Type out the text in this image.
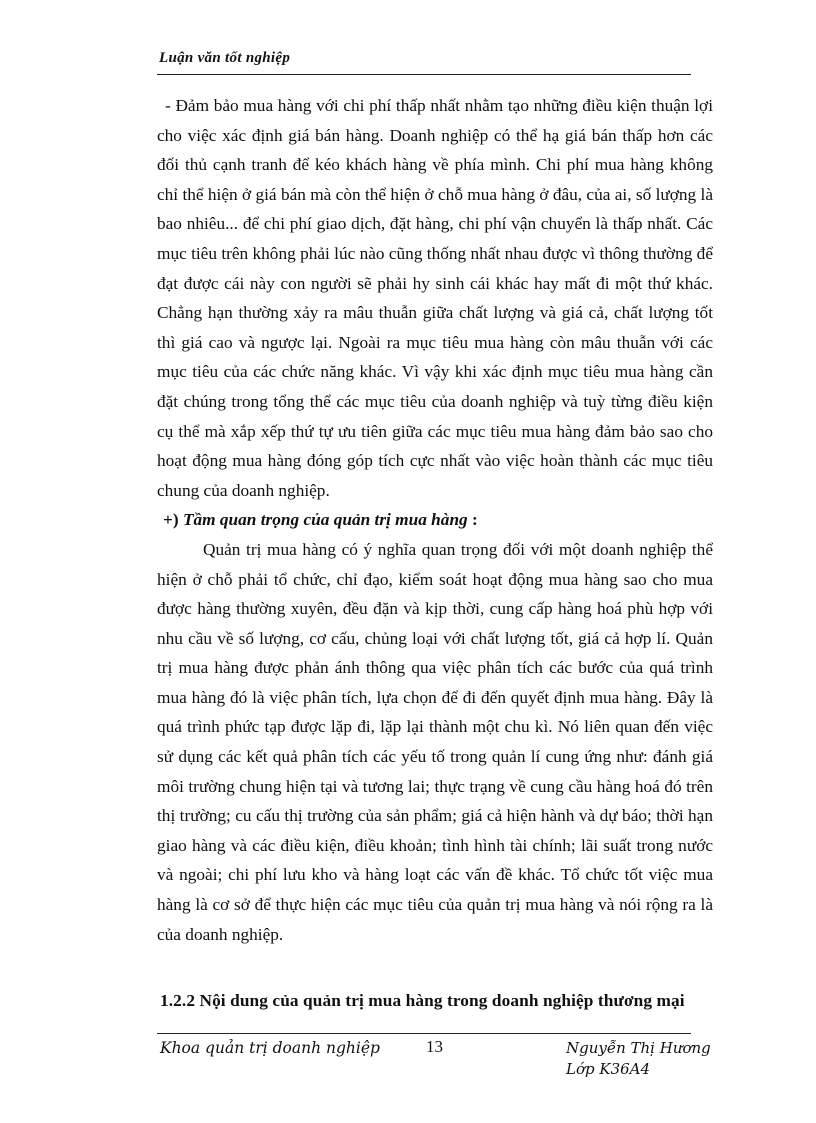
Luận văn tốt nghiệp

- Đảm bảo mua hàng với chi phí thấp nhất nhằm tạo những điều kiện thuận lợi cho việc xác định giá bán hàng. Doanh nghiệp có thể hạ giá bán thấp hơn các đối thủ cạnh tranh để kéo khách hàng về phía mình. Chi phí mua hàng không chỉ thể hiện ở giá bán mà còn thể hiện ở chỗ mua hàng ở đâu, của ai, số lượng là bao nhiêu... để chi phí giao dịch, đặt hàng, chi phí vận chuyển là thấp nhất. Các mục tiêu trên không phải lúc nào cũng thống nhất nhau được vì thông thường để đạt được cái này con người sẽ phải hy sinh cái khác hay mất đi một thứ khác. Chẳng hạn thường xảy ra mâu thuẫn giữa chất lượng và giá cả, chất lượng tốt thì giá cao và ngược lại. Ngoài ra mục tiêu mua hàng còn mâu thuẫn với các mục tiêu của các chức năng khác. Vì vậy khi xác định mục tiêu mua hàng cần đặt chúng trong tổng thể các mục tiêu của doanh nghiệp và tuỳ từng điều kiện cụ thể mà xắp xếp thứ tự ưu tiên giữa các mục tiêu mua hàng đảm bảo sao cho hoạt động mua hàng đóng góp tích cực nhất vào việc hoàn thành các mục tiêu chung của doanh nghiệp.

+) Tầm quan trọng của quản trị mua hàng :

Quản trị mua hàng có ý nghĩa quan trọng đối với một doanh nghiệp thể hiện ở chỗ phải tổ chức, chỉ đạo, kiểm soát hoạt động mua hàng sao cho mua được hàng thường xuyên, đều đặn và kịp thời, cung cấp hàng hoá phù hợp với nhu cầu về số lượng, cơ cấu, chủng loại với chất lượng tốt, giá cả hợp lí. Quản trị mua hàng được phản ánh thông qua việc phân tích các bước của quá trình mua hàng đó là việc phân tích, lựa chọn để đi đến quyết định mua hàng. Đây là quá trình phức tạp được lặp đi, lặp lại thành một chu kì. Nó liên quan đến việc sử dụng các kết quả phân tích các yếu tố trong quản lí cung ứng như: đánh giá môi trường chung hiện tại và tương lai; thực trạng về cung cầu hàng hoá đó trên thị trường; cu cấu thị trường của sản phẩm; giá cả hiện hành và dự báo; thời hạn giao hàng và các điều kiện, điều khoản; tình hình tài chính; lãi suất trong nước và ngoài; chi phí lưu kho và hàng loạt các vấn đề khác. Tổ chức tốt việc mua hàng là cơ sở để thực hiện các mục tiêu của quản trị mua hàng và nói rộng ra là của doanh nghiệp.

1.2.2 Nội dung của quản trị mua hàng trong doanh nghiệp thương mại
Khoa quản trị doanh nghiệp	13	Nguyễn Thị Hương
Lớp K36A4
